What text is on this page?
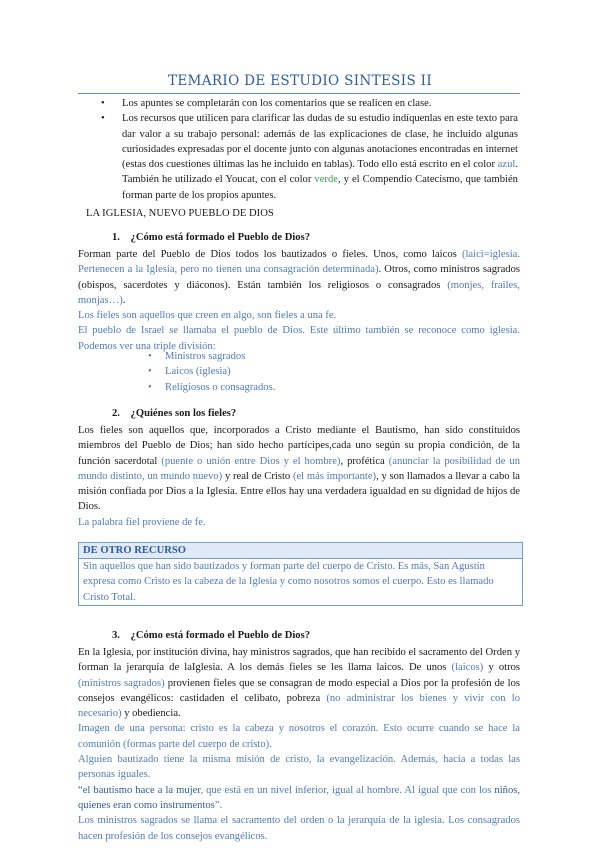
TEMARIO DE ESTUDIO SINTESIS II
• Los apuntes se completarán con los comentarios que se realicen en clase.
• Los recursos que utilicen para clarificar las dudas de su estudio indíquenlas en este texto para dar valor a su trabajo personal: además de las explicaciones de clase, he incluido algunas curiosidades expresadas por el docente junto con algunas anotaciones encontradas en internet (estas dos cuestiones últimas las he incluido en tablas). Todo ello está escrito en el color azul. También he utilizado el Youcat, con el color verde, y el Compendio Catecismo, que también forman parte de los propios apuntes.
LA IGLESIA, NUEVO PUEBLO DE DIOS
1.    ¿Cómo está formado el Pueblo de Dios?

Forman parte del Pueblo de Dios todos los bautizados o fieles. Unos, como laicos (laici=iglesia. Pertenecen a la Iglesia, pero no tienen una consagración determinada). Otros, como ministros sagrados (obispos, sacerdotes y diáconos). Están también los religiosos o consagrados (monjes, frailes, monjas…).

Los fieles son aquellos que creen en algo, son fieles a una fe.

El pueblo de Israel se llamaba el pueblo de Dios. Este último también se reconoce como iglesia. Podemos ver una triple división:

• Ministros sagrados
• Laicos (iglesia)
• Religiosos o consagrados.
2.    ¿Quiénes son los fieles?

Los fieles son aquellos que, incorporados a Cristo mediante el Bautismo, han sido constituidos miembros del Pueblo de Dios; han sido hecho partícipes,cada uno según su propia condición, de la función sacerdotal (puente o unión entre Dios y el hombre), profética (anunciar la posibilidad de un mundo distinto, un mundo nuevo) y real de Cristo (el más importante), y son llamados a llevar a cabo la misión confiada por Dios a la Iglesia. Entre ellos hay una verdadera igualdad en su dignidad de hijos de Dios.

La palabra fiel proviene de fe.

DE OTRO RECURSO
Sin aquellos que han sido bautizados y forman parte del cuerpo de Cristo. Es más, San Agustín expresa como Cristo es la cabeza de la Iglesia y como nosotros somos el cuerpo. Esto es llamado Cristo Total.
3.    ¿Cómo está formado el Pueblo de Dios?

En la Iglesia, por institución divina, hay ministros sagrados, que han recibido el sacramento del Orden y forman la jerarquía de laIglesia. A los demás fieles se les llama laicos. De unos (laicos) y otros (ministros sagrados) provienen fieles que se consagran de modo especial a Dios por la profesión de los consejos evangélicos: castidaden el celibato, pobreza (no administrar los bienes y vivir con lo necesario) y obediencia.

Imagen de una persona: cristo es la cabeza y nosotros el corazón. Esto ocurre cuando se hace la comunión (formas parte del cuerpo de cristo).

Alguien bautizado tiene la misma misión de cristo, la evangelización. Además, hacia a todas las personas iguales.

“el bautismo hace a la mujer, que está en un nivel inferior, igual al hombre. Al igual que con los niños, quienes eran como instrumentos”.

Los ministros sagrados se llama el sacramento del orden o la jerarquía de la iglesia. Los consagrados hacen profesión de los consejos evangélicos.
